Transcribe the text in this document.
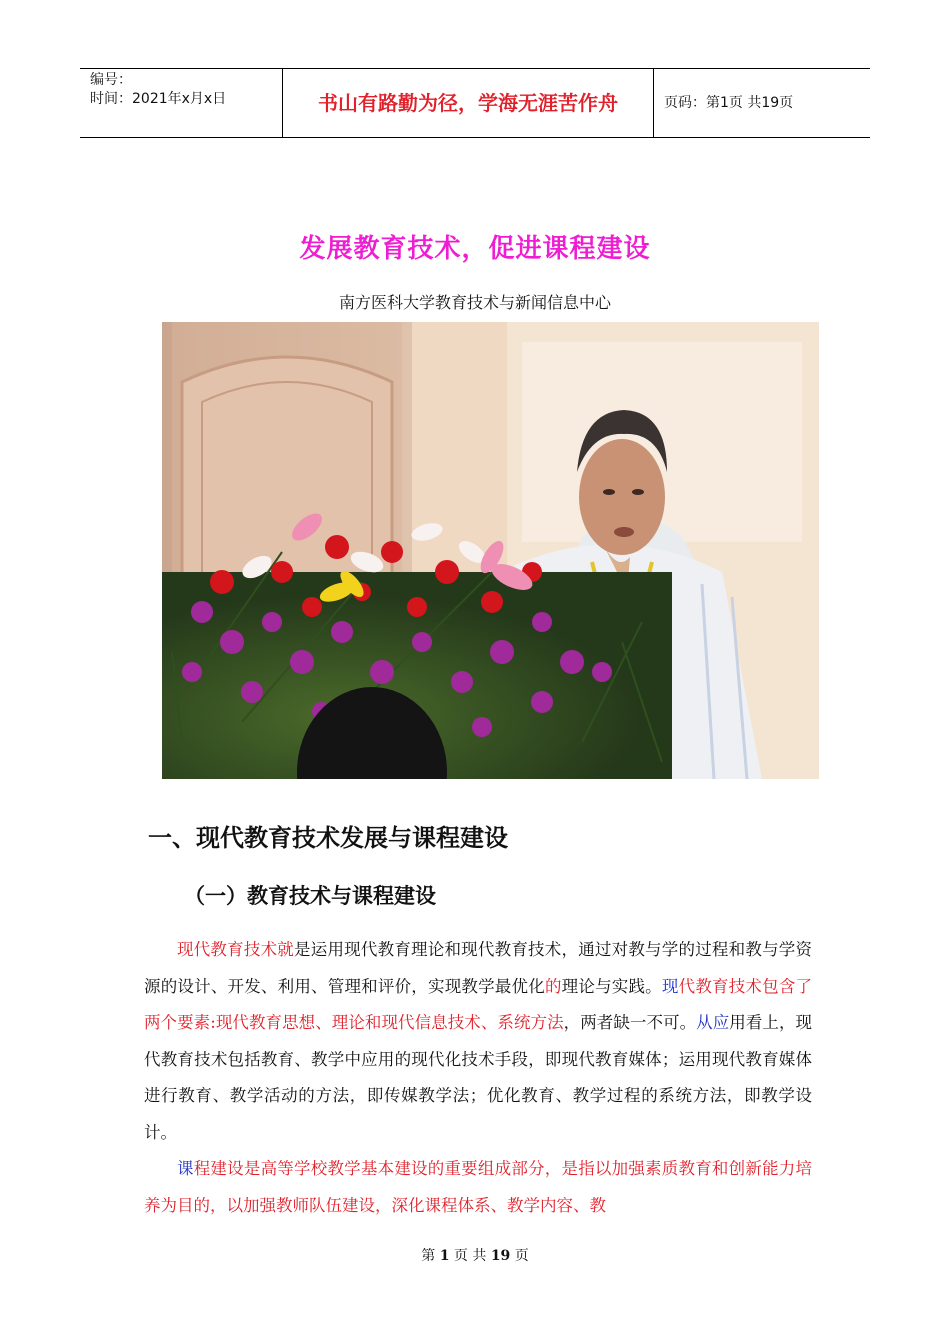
编号：
时间：2021年x月x日	书山有路勤为径，学海无涯苦作舟	页码：第1页 共19页
发展教育技术，促进课程建设
南方医科大学教育技术与新闻信息中心
一、现代教育技术发展与课程建设
（一）教育技术与课程建设

现代教育技术就是运用现代教育理论和现代教育技术，通过对教与学的过程和教与学资源的设计、开发、利用、管理和评价，实现教学最优化的理论与实践。现代教育技术包含了两个要素:现代教育思想、理论和现代信息技术、系统方法，两者缺一不可。从应用看上，现代教育技术包括教育、教学中应用的现代化技术手段，即现代教育媒体；运用现代教育媒体进行教育、教学活动的方法，即传媒教学法；优化教育、教学过程的系统方法，即教学设计。

课程建设是高等学校教学基本建设的重要组成部分，是指以加强素质教育和创新能力培养为目的，以加强教师队伍建设，深化课程体系、教学内容、教

第 1 页 共 19 页
